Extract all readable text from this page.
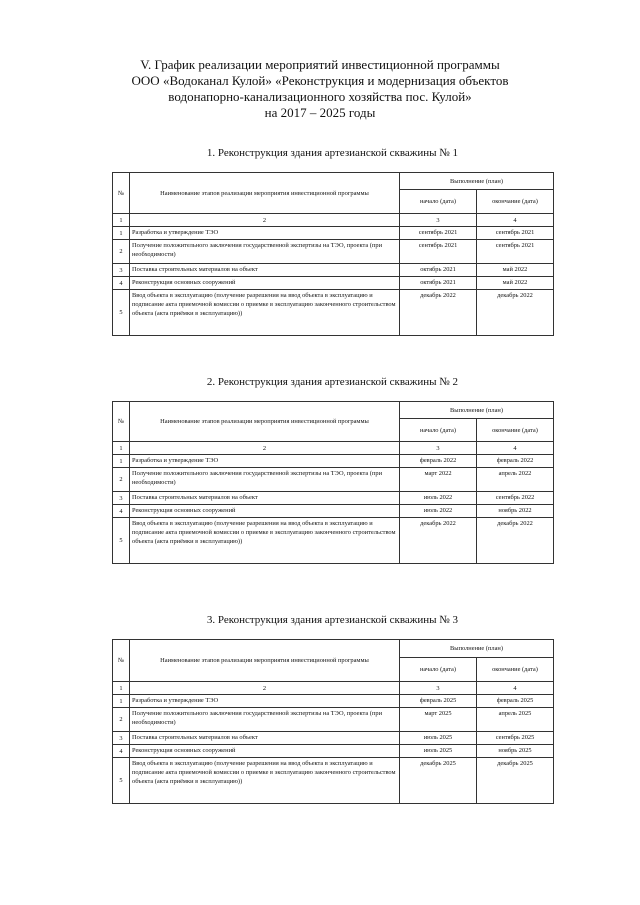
V. График реализации мероприятий инвестиционной программы
ООО «Водоканал Кулой» «Реконструкция и модернизация объектов
водонапорно-канализационного хозяйства пос. Кулой»
на 2017 – 2025 годы
1. Реконструкция здания артезианской скважины № 1
№	Наименование этапов реализации мероприятия инвестиционной программы	Выполнение (план)	
		начало (дата)	окончание (дата)
1	2	3	4
1	Разработка и утверждение ТЭО	сентябрь 2021	сентябрь 2021
2	Получение положительного заключения государственной экспертизы на ТЭО, проекта (при необходимости)	сентябрь 2021	сентябрь 2021
3	Поставка строительных материалов на объект	октябрь 2021	май 2022
4	Реконструкция основных сооружений	октябрь 2021	май 2022
5	Ввод объекта в эксплуатацию (получение разрешения на ввод объекта в эксплуатацию и подписание акта приемочной комиссии о приемке в эксплуатацию законченного строительством объекта (акта приёмки в эксплуатацию))	декабрь 2022	декабрь 2022
2. Реконструкция здания артезианской скважины № 2
№	Наименование этапов реализации мероприятия инвестиционной программы	Выполнение (план)	
		начало (дата)	окончание (дата)
1	2	3	4
1	Разработка и утверждение ТЭО	февраль 2022	февраль 2022
2	Получение положительного заключения государственной экспертизы на ТЭО, проекта (при необходимости)	март 2022	апрель 2022
3	Поставка строительных материалов на объект	июль 2022	сентябрь 2022
4	Реконструкция основных сооружений	июль 2022	ноябрь 2022
5	Ввод объекта в эксплуатацию (получение разрешения на ввод объекта в эксплуатацию и подписание акта приемочной комиссии о приемке в эксплуатацию законченного строительством объекта (акта приёмки в эксплуатацию))	декабрь 2022	декабрь 2022
3. Реконструкция здания артезианской скважины № 3
№	Наименование этапов реализации мероприятия инвестиционной программы	Выполнение (план)	
		начало (дата)	окончание (дата)
1	2	3	4
1	Разработка и утверждение ТЭО	февраль 2025	февраль 2025
2	Получение положительного заключения государственной экспертизы на ТЭО, проекта (при необходимости)	март 2025	апрель 2025
3	Поставка строительных материалов на объект	июль 2025	сентябрь 2025
4	Реконструкция основных сооружений	июль 2025	ноябрь 2025
5	Ввод объекта в эксплуатацию (получение разрешения на ввод объекта в эксплуатацию и подписание акта приемочной комиссии о приемке в эксплуатацию законченного строительством объекта (акта приёмки в эксплуатацию))	декабрь 2025	декабрь 2025
